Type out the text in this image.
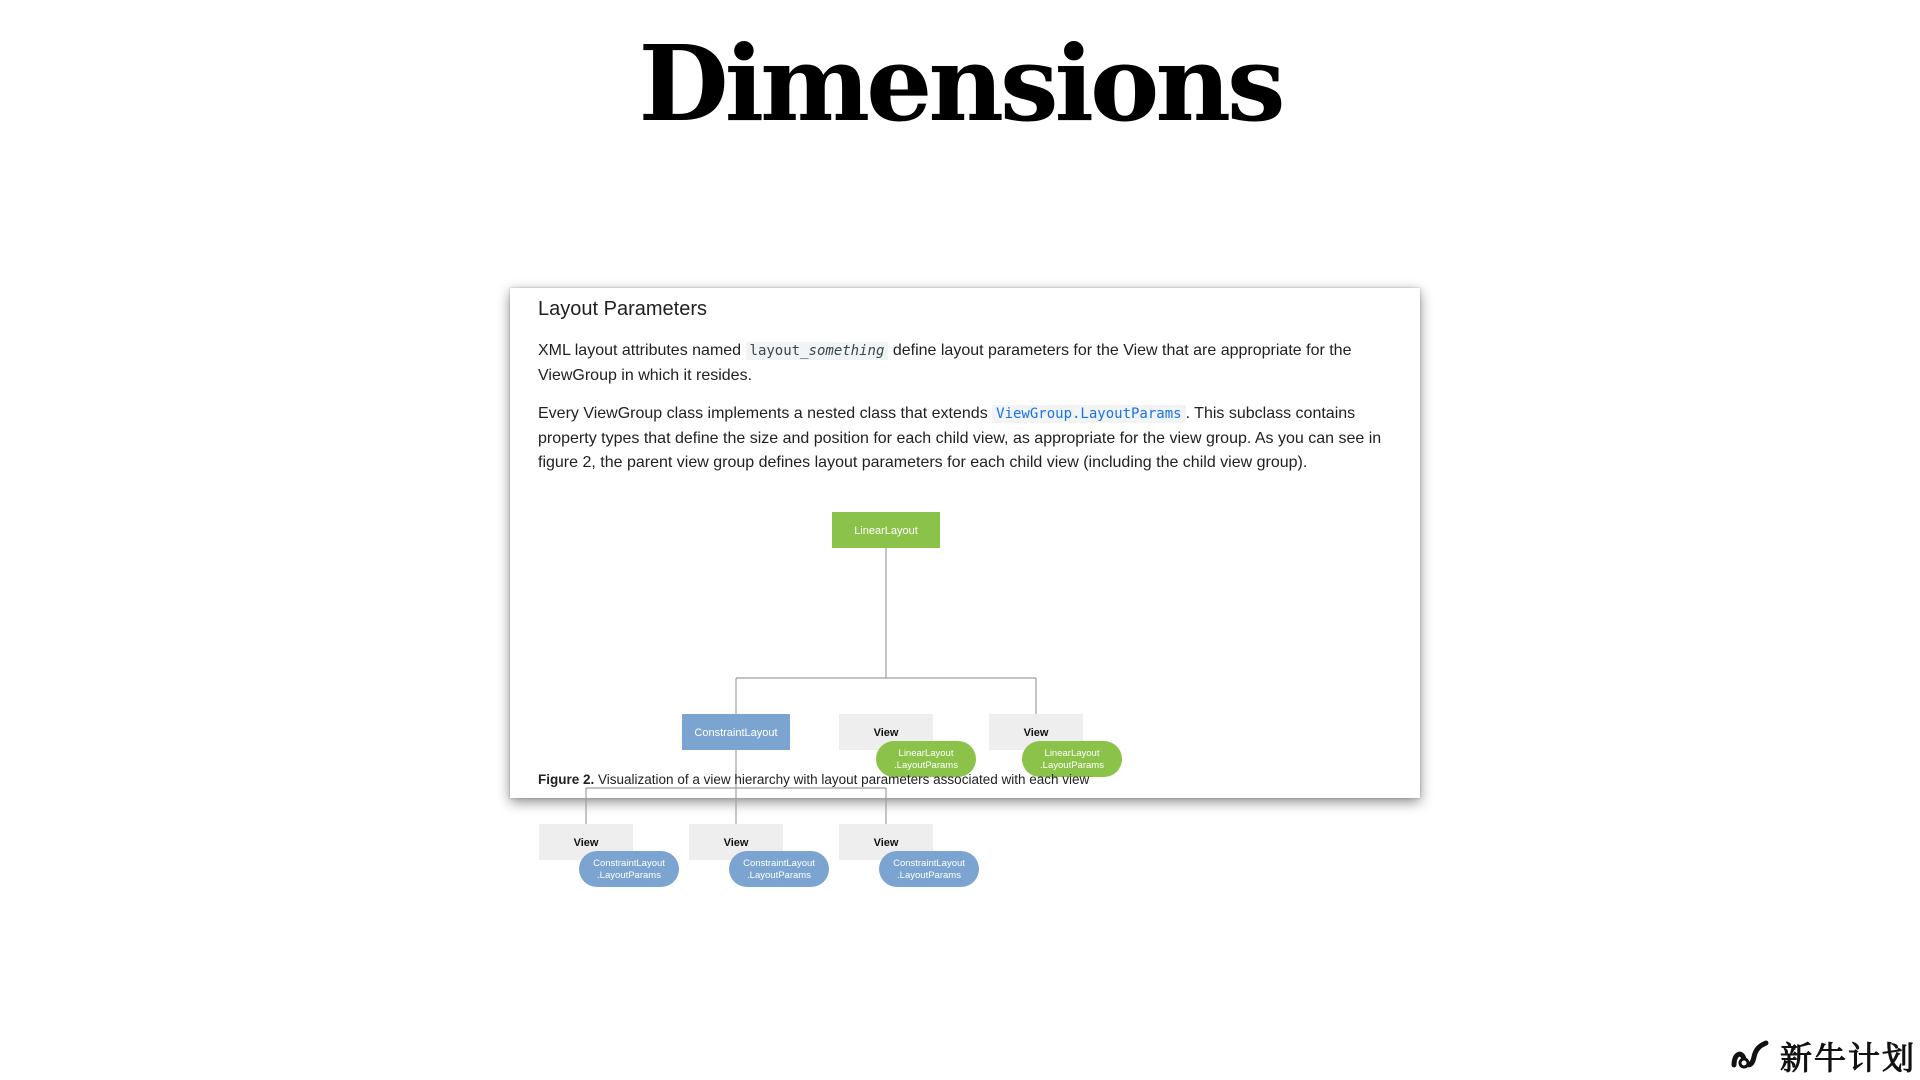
Dimensions
Layout Parameters

XML layout attributes named layout_something define layout parameters for the View that are appropriate for the ViewGroup in which it resides.

Every ViewGroup class implements a nested class that extends ViewGroup.LayoutParams . This subclass contains property types that define the size and position for each child view, as appropriate for the view group. As you can see in figure 2, the parent view group defines layout parameters for each child view (including the child view group).

LinearLayout
ConstraintLayout	View
LinearLayout
.LayoutParams
View
LinearLayout
.LayoutParams
View
ConstraintLayout
.LayoutParams
View
ConstraintLayout
.LayoutParams
View
ConstraintLayout
.LayoutParams
Figure 2. Visualization of a view hierarchy with layout parameters associated with each view
新牛计划
